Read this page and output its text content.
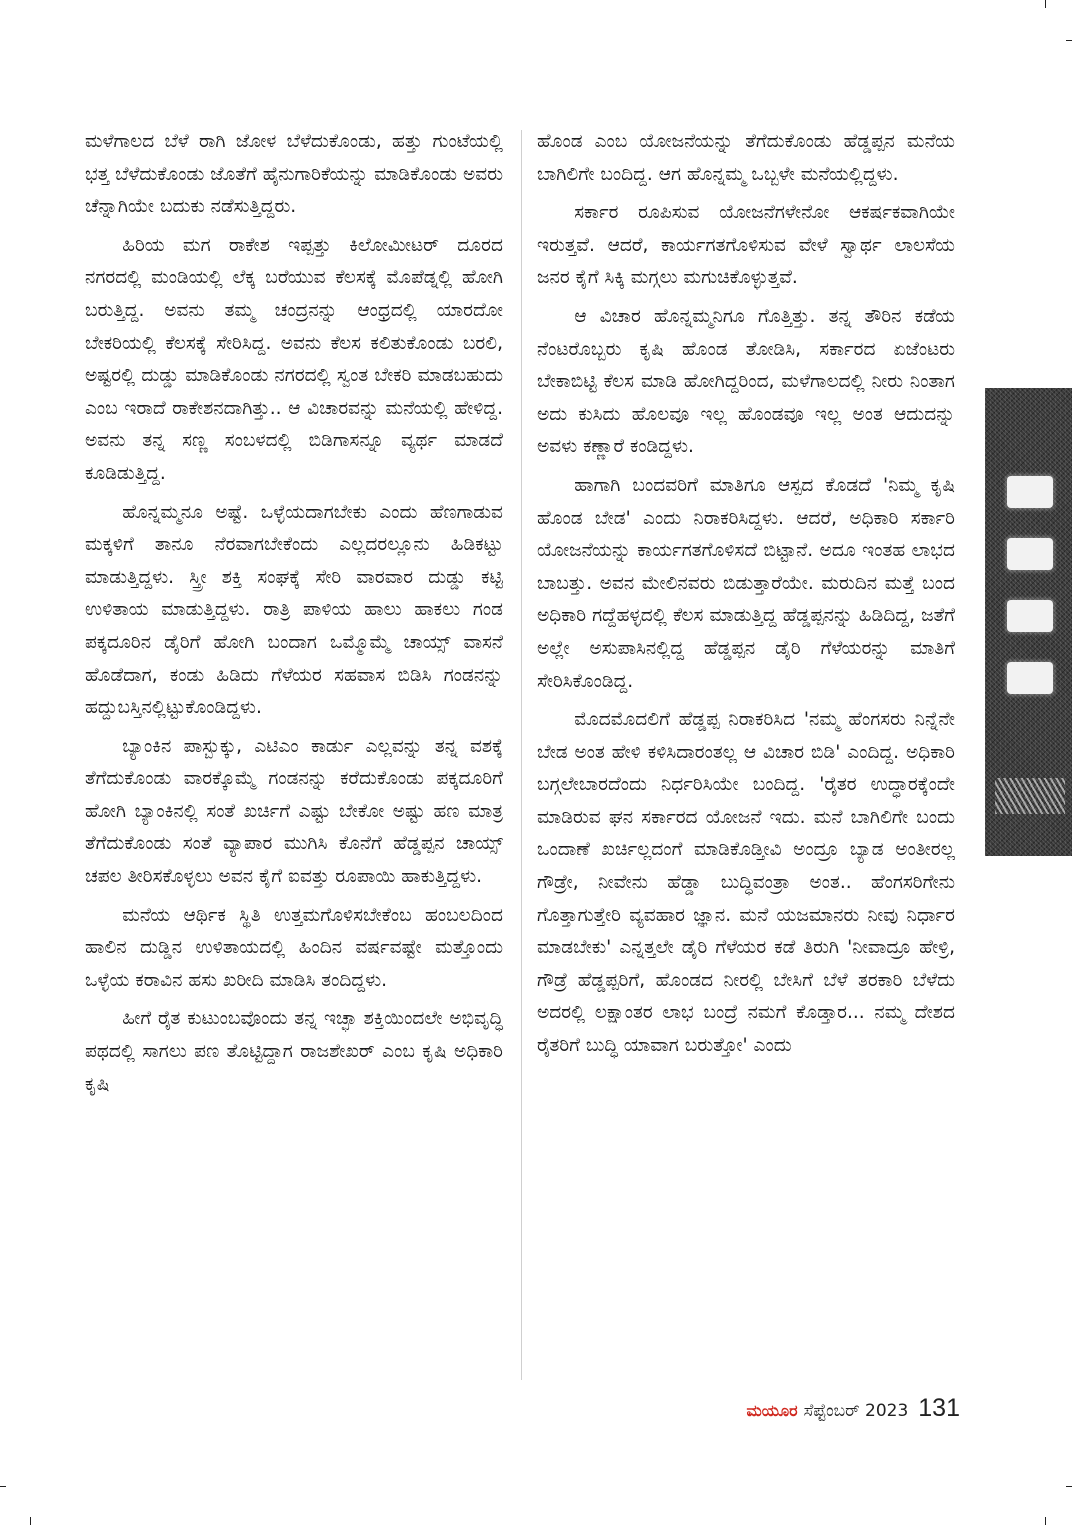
ಮಳೆಗಾಲದ ಬೆಳೆ ರಾಗಿ ಜೋಳ ಬೆಳೆದುಕೊಂಡು, ಹತ್ತು ಗುಂಟೆಯಲ್ಲಿ ಭತ್ತ ಬೆಳೆದುಕೊಂಡು ಜೊತೆಗೆ ಹೈನುಗಾರಿಕೆಯನ್ನು ಮಾಡಿಕೊಂಡು ಅವರು ಚೆನ್ನಾಗಿಯೇ ಬದುಕು ನಡೆಸುತ್ತಿದ್ದರು.

ಹಿರಿಯ ಮಗ ರಾಕೇಶ ಇಪ್ಪತ್ತು ಕಿಲೋಮೀಟರ್ ದೂರದ ನಗರದಲ್ಲಿ ಮಂಡಿಯಲ್ಲಿ ಲೆಕ್ಕ ಬರೆಯುವ ಕೆಲಸಕ್ಕೆ ಮೊಪೆಡ್ನಲ್ಲಿ ಹೋಗಿ ಬರುತ್ತಿದ್ದ. ಅವನು ತಮ್ಮ ಚಂದ್ರನನ್ನು ಆಂಧ್ರದಲ್ಲಿ ಯಾರದೋ ಬೇಕರಿಯಲ್ಲಿ ಕೆಲಸಕ್ಕೆ ಸೇರಿಸಿದ್ದ. ಅವನು ಕೆಲಸ ಕಲಿತುಕೊಂಡು ಬರಲಿ, ಅಷ್ಟರಲ್ಲಿ ದುಡ್ಡು ಮಾಡಿಕೊಂಡು ನಗರದಲ್ಲಿ ಸ್ವಂತ ಬೇಕರಿ ಮಾಡಬಹುದು ಎಂಬ ಇರಾದೆ ರಾಕೇಶನದಾಗಿತ್ತು.. ಆ ವಿಚಾರವನ್ನು ಮನೆಯಲ್ಲಿ ಹೇಳಿದ್ದ. ಅವನು ತನ್ನ ಸಣ್ಣ ಸಂಬಳದಲ್ಲಿ ಬಿಡಿಗಾಸನ್ನೂ ವ್ಯರ್ಥ ಮಾಡದೆ ಕೂಡಿಡುತ್ತಿದ್ದ.

ಹೊನ್ನಮ್ಮನೂ ಅಷ್ಟೆ. ಒಳ್ಳೆಯದಾಗಬೇಕು ಎಂದು ಹೆಣಗಾಡುವ ಮಕ್ಕಳಿಗೆ ತಾನೂ ನೆರವಾಗಬೇಕೆಂದು ಎಲ್ಲದರಲ್ಲೂನು ಹಿಡಿಕಟ್ಟು ಮಾಡುತ್ತಿದ್ದಳು. ಸ್ತ್ರೀ ಶಕ್ತಿ ಸಂಘಕ್ಕೆ ಸೇರಿ ವಾರವಾರ ದುಡ್ಡು ಕಟ್ಟಿ ಉಳಿತಾಯ ಮಾಡುತ್ತಿದ್ದಳು. ರಾತ್ರಿ ಪಾಳಿಯ ಹಾಲು ಹಾಕಲು ಗಂಡ ಪಕ್ಕದೂರಿನ ಡೈರಿಗೆ ಹೋಗಿ ಬಂದಾಗ ಒಮ್ಮೊಮ್ಮೆ ಚಾಯ್ಸ್ ವಾಸನೆ ಹೊಡೆದಾಗ, ಕಂಡು ಹಿಡಿದು ಗೆಳೆಯರ ಸಹವಾಸ ಬಿಡಿಸಿ ಗಂಡನನ್ನು ಹದ್ದುಬಸ್ತಿನಲ್ಲಿಟ್ಟುಕೊಂಡಿದ್ದಳು.

ಬ್ಯಾಂಕಿನ ಪಾಸ್ಬುಕ್ಕು, ಎಟಿಎಂ ಕಾರ್ಡು ಎಲ್ಲವನ್ನು ತನ್ನ ವಶಕ್ಕೆ ತೆಗೆದುಕೊಂಡು ವಾರಕ್ಕೊಮ್ಮೆ ಗಂಡನನ್ನು ಕರೆದುಕೊಂಡು ಪಕ್ಕದೂರಿಗೆ ಹೋಗಿ ಬ್ಯಾಂಕಿನಲ್ಲಿ ಸಂತೆ ಖರ್ಚಿಗೆ ಎಷ್ಟು ಬೇಕೋ ಅಷ್ಟು ಹಣ ಮಾತ್ರ ತೆಗೆದುಕೊಂಡು ಸಂತೆ ವ್ಯಾಪಾರ ಮುಗಿಸಿ ಕೊನೆಗೆ ಹೆಡ್ಡಪ್ಪನ ಚಾಯ್ಸ್ ಚಪಲ ತೀರಿಸಕೊಳ್ಳಲು ಅವನ ಕೈಗೆ ಐವತ್ತು ರೂಪಾಯಿ ಹಾಕುತ್ತಿದ್ದಳು.

ಮನೆಯ ಆರ್ಥಿಕ ಸ್ಥಿತಿ ಉತ್ತಮಗೊಳಿಸಬೇಕೆಂಬ ಹಂಬಲದಿಂದ ಹಾಲಿನ ದುಡ್ಡಿನ ಉಳಿತಾಯದಲ್ಲಿ ಹಿಂದಿನ ವರ್ಷವಷ್ಟೇ ಮತ್ತೊಂದು ಒಳ್ಳೆಯ ಕರಾವಿನ ಹಸು ಖರೀದಿ ಮಾಡಿಸಿ ತಂದಿದ್ದಳು.

ಹೀಗೆ ರೈತ ಕುಟುಂಬವೊಂದು ತನ್ನ ಇಚ್ಛಾ ಶಕ್ತಿಯಿಂದಲೇ ಅಭಿವೃದ್ಧಿ ಪಥದಲ್ಲಿ ಸಾಗಲು ಪಣ ತೊಟ್ಟಿದ್ದಾಗ ರಾಜಶೇಖರ್ ಎಂಬ ಕೃಷಿ ಅಧಿಕಾರಿ ಕೃಷಿ

ಹೊಂಡ ಎಂಬ ಯೋಜನೆಯನ್ನು ತೆಗೆದುಕೊಂಡು ಹೆಡ್ಡಪ್ಪನ ಮನೆಯ ಬಾಗಿಲಿಗೇ ಬಂದಿದ್ದ. ಆಗ ಹೊನ್ನಮ್ಮ ಒಬ್ಬಳೇ ಮನೆಯಲ್ಲಿದ್ದಳು.

ಸರ್ಕಾರ ರೂಪಿಸುವ ಯೋಜನೆಗಳೇನೋ ಆಕರ್ಷಕವಾಗಿಯೇ ಇರುತ್ತವೆ. ಆದರೆ, ಕಾರ್ಯಗತಗೊಳಿಸುವ ವೇಳೆ ಸ್ವಾರ್ಥ ಲಾಲಸೆಯ ಜನರ ಕೈಗೆ ಸಿಕ್ಕಿ ಮಗ್ಗಲು ಮಗುಚಿಕೊಳ್ಳುತ್ತವೆ.

ಆ ವಿಚಾರ ಹೊನ್ನಮ್ಮನಿಗೂ ಗೊತ್ತಿತ್ತು. ತನ್ನ ತೌರಿನ ಕಡೆಯ ನೆಂಟರೊಬ್ಬರು ಕೃಷಿ ಹೊಂಡ ತೋಡಿಸಿ, ಸರ್ಕಾರದ ಏಜೆಂಟರು ಬೇಕಾಬಿಟ್ಟಿ ಕೆಲಸ ಮಾಡಿ ಹೋಗಿದ್ದರಿಂದ, ಮಳೆಗಾಲದಲ್ಲಿ ನೀರು ನಿಂತಾಗ ಅದು ಕುಸಿದು ಹೊಲವೂ ಇಲ್ಲ ಹೊಂಡವೂ ಇಲ್ಲ ಅಂತ ಆದುದನ್ನು ಅವಳು ಕಣ್ಣಾರೆ ಕಂಡಿದ್ದಳು.

ಹಾಗಾಗಿ ಬಂದವರಿಗೆ ಮಾತಿಗೂ ಆಸ್ಪದ ಕೊಡದೆ 'ನಿಮ್ಮ ಕೃಷಿ ಹೊಂಡ ಬೇಡ' ಎಂದು ನಿರಾಕರಿಸಿದ್ದಳು. ಆದರೆ, ಅಧಿಕಾರಿ ಸರ್ಕಾರಿ ಯೋಜನೆಯನ್ನು ಕಾರ್ಯಗತಗೊಳಿಸದೆ ಬಿಟ್ಟಾನೆ. ಅದೂ ಇಂತಹ ಲಾಭದ ಬಾಬತ್ತು. ಅವನ ಮೇಲಿನವರು ಬಿಡುತ್ತಾರೆಯೇ. ಮರುದಿನ ಮತ್ತೆ ಬಂದ ಅಧಿಕಾರಿ ಗದ್ದೆಹಳ್ಳದಲ್ಲಿ ಕೆಲಸ ಮಾಡುತ್ತಿದ್ದ ಹೆಡ್ಡಪ್ಪನನ್ನು ಹಿಡಿದಿದ್ದ, ಜತೆಗೆ ಅಲ್ಲೇ ಅಸುಪಾಸಿನಲ್ಲಿದ್ದ ಹೆಡ್ಡಪ್ಪನ ಡೈರಿ ಗೆಳೆಯರನ್ನು ಮಾತಿಗೆ ಸೇರಿಸಿಕೊಂಡಿದ್ದ.

ಮೊದಮೊದಲಿಗೆ ಹೆಡ್ಡಪ್ಪ ನಿರಾಕರಿಸಿದ 'ನಮ್ಮ ಹೆಂಗಸರು ನಿನ್ನೆನೇ ಬೇಡ ಅಂತ ಹೇಳಿ ಕಳಿಸಿದಾರಂತಲ್ಲ ಆ ವಿಚಾರ ಬಿಡಿ' ಎಂದಿದ್ದ. ಅಧಿಕಾರಿ ಬಗ್ಗಲೇಬಾರದೆಂದು ನಿರ್ಧರಿಸಿಯೇ ಬಂದಿದ್ದ. 'ರೈತರ ಉದ್ಧಾರಕ್ಕೆಂದೇ ಮಾಡಿರುವ ಘನ ಸರ್ಕಾರದ ಯೋಜನೆ ಇದು. ಮನೆ ಬಾಗಿಲಿಗೇ ಬಂದು ಒಂದಾಣೆ ಖರ್ಚಿಲ್ಲದಂಗೆ ಮಾಡಿಕೊಡ್ತೀವಿ ಅಂದ್ರೂ ಬ್ಯಾಡ ಅಂತೀರಲ್ಲ ಗೌಡ್ರೇ, ನೀವೇನು ಹೆಡ್ಡಾ ಬುದ್ಧಿವಂತ್ರಾ ಅಂತ.. ಹೆಂಗಸರಿಗೇನು ಗೊತ್ತಾಗುತ್ತೇರಿ ವ್ಯವಹಾರ ಜ್ಞಾನ. ಮನೆ ಯಜಮಾನರು ನೀವು ನಿರ್ಧಾರ ಮಾಡಬೇಕು' ಎನ್ನತ್ತಲೇ ಡೈರಿ ಗೆಳೆಯರ ಕಡೆ ತಿರುಗಿ 'ನೀವಾದ್ರೂ ಹೇಳ್ರಿ, ಗೌಡ್ರೆ ಹೆಡ್ಡಪ್ಪರಿಗೆ, ಹೊಂಡದ ನೀರಲ್ಲಿ ಬೇಸಿಗೆ ಬೆಳೆ ತರಕಾರಿ ಬೆಳೆದು ಅದರಲ್ಲಿ ಲಕ್ಷಾಂತರ ಲಾಭ ಬಂದ್ರೆ ನಮಗೆ ಕೊಡ್ತಾರ... ನಮ್ಮ ದೇಶದ ರೈತರಿಗೆ ಬುದ್ಧಿ ಯಾವಾಗ ಬರುತ್ತೋ' ಎಂದು

ಮಯೂರ ಸೆಪ್ಟೆಂಬರ್ 2023 131
